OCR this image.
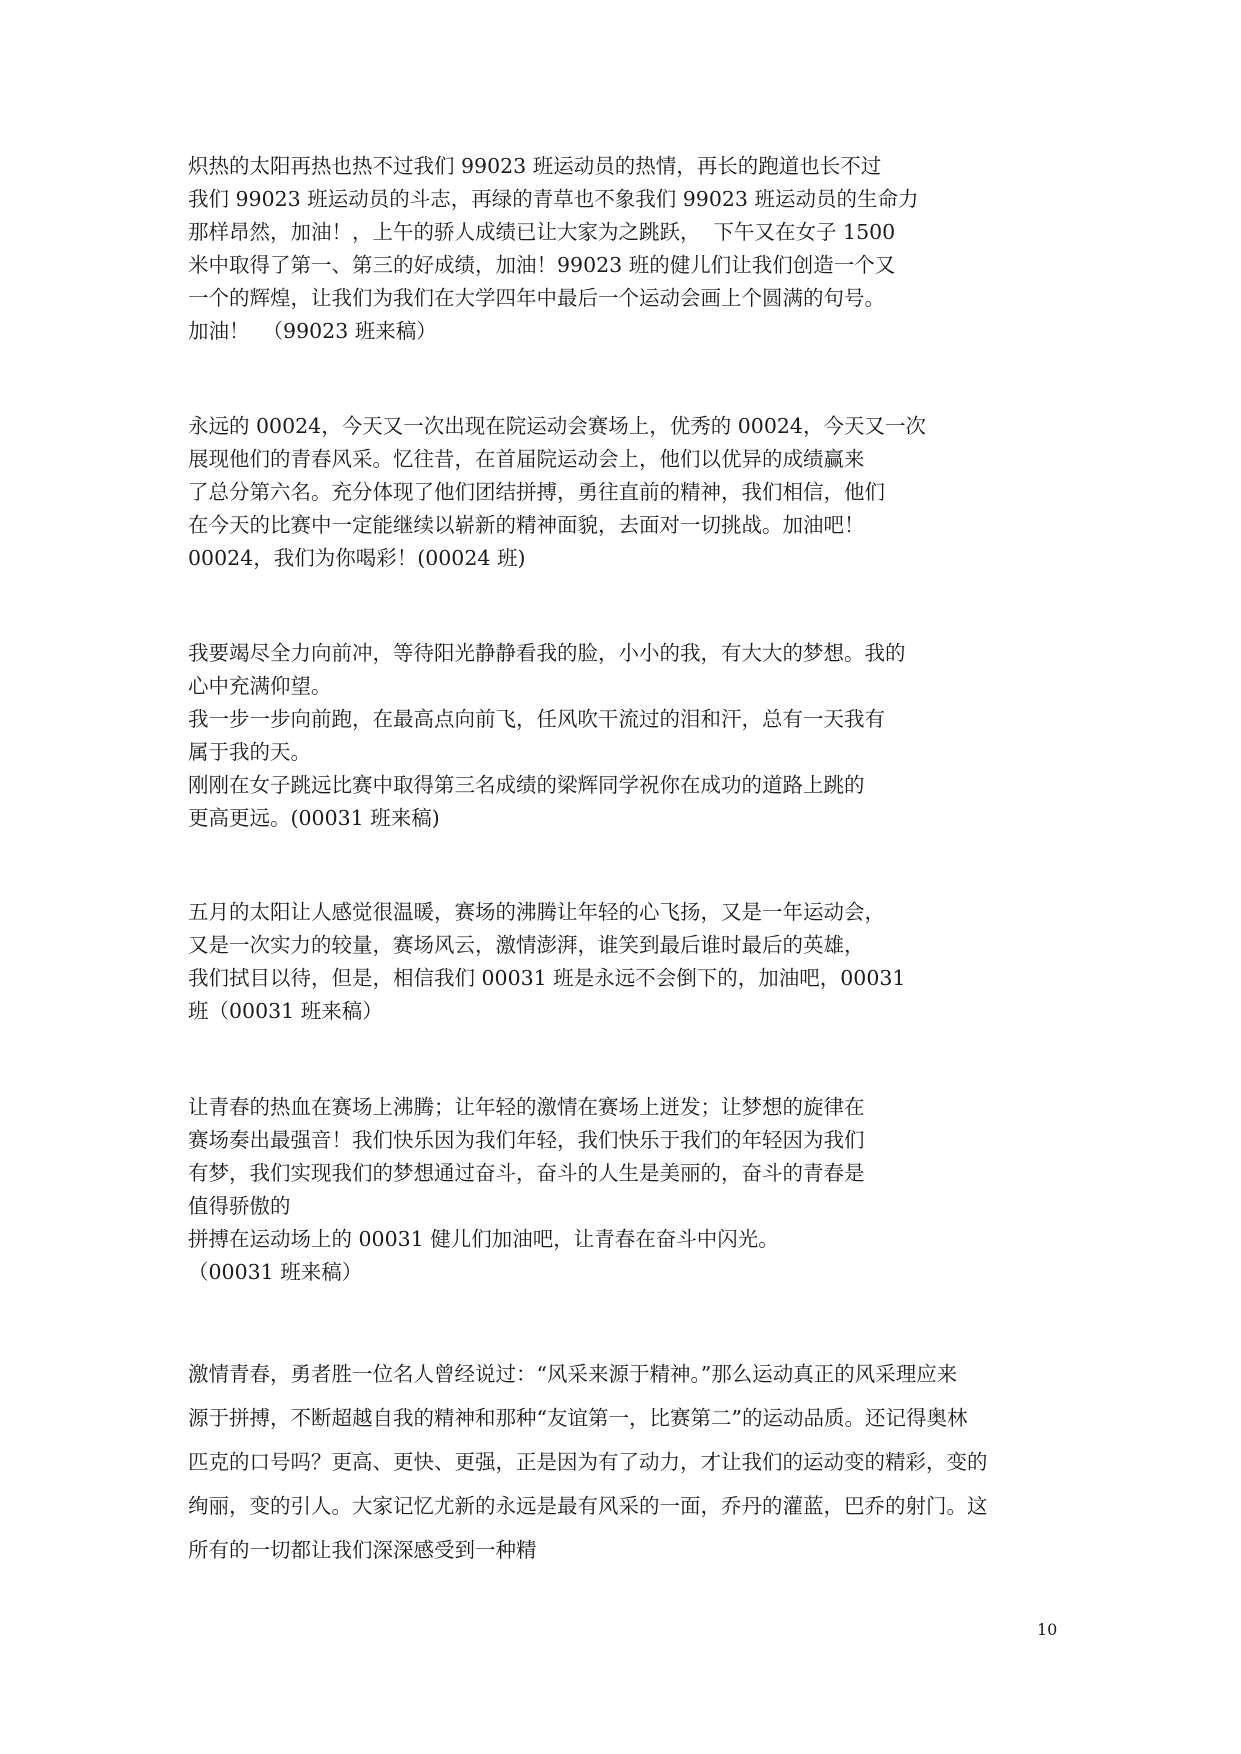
炽热的太阳再热也热不过我们 99023 班运动员的热情，再长的跑道也长不过
我们 99023 班运动员的斗志，再绿的青草也不象我们 99023 班运动员的生命力
那样昂然，加油！，上午的骄人成绩已让大家为之跳跃，  下午又在女子 1500
米中取得了第一、第三的好成绩，加油！99023 班的健儿们让我们创造一个又
一个的辉煌，让我们为我们在大学四年中最后一个运动会画上个圆满的句号。
加油！  （99023 班来稿）
永远的 00024，今天又一次出现在院运动会赛场上，优秀的 00024，今天又一次
展现他们的青春风采。忆往昔，在首届院运动会上，他们以优异的成绩赢来
了总分第六名。充分体现了他们团结拼搏，勇往直前的精神，我们相信，他们
在今天的比赛中一定能继续以崭新的精神面貌，去面对一切挑战。加油吧！
00024，我们为你喝彩！(00024 班)
我要竭尽全力向前冲，等待阳光静静看我的脸，小小的我，有大大的梦想。我的
心中充满仰望。
我一步一步向前跑，在最高点向前飞，任风吹干流过的泪和汗，总有一天我有
属于我的天。
刚刚在女子跳远比赛中取得第三名成绩的梁辉同学祝你在成功的道路上跳的
更高更远。(00031 班来稿)
五月的太阳让人感觉很温暖，赛场的沸腾让年轻的心飞扬，又是一年运动会，
又是一次实力的较量，赛场风云，激情澎湃，谁笑到最后谁时最后的英雄，
我们拭目以待，但是，相信我们 00031 班是永远不会倒下的，加油吧，00031
班（00031 班来稿）
让青春的热血在赛场上沸腾；让年轻的激情在赛场上迸发；让梦想的旋律在
赛场奏出最强音！我们快乐因为我们年轻，我们快乐于我们的年轻因为我们
有梦，我们实现我们的梦想通过奋斗，奋斗的人生是美丽的，奋斗的青春是
值得骄傲的
拼搏在运动场上的 00031 健儿们加油吧，让青春在奋斗中闪光。
（00031 班来稿）
激情青春，勇者胜一位名人曾经说过：“风采来源于精神。”那么运动真正的风采理应来
源于拼搏，不断超越自我的精神和那种“友谊第一，比赛第二”的运动品质。还记得奥林
匹克的口号吗？更高、更快、更强，正是因为有了动力，才让我们的运动变的精彩，变的
绚丽，变的引人。大家记忆尤新的永远是最有风采的一面，乔丹的灌蓝，巴乔的射门。这
所有的一切都让我们深深感受到一种精
10
